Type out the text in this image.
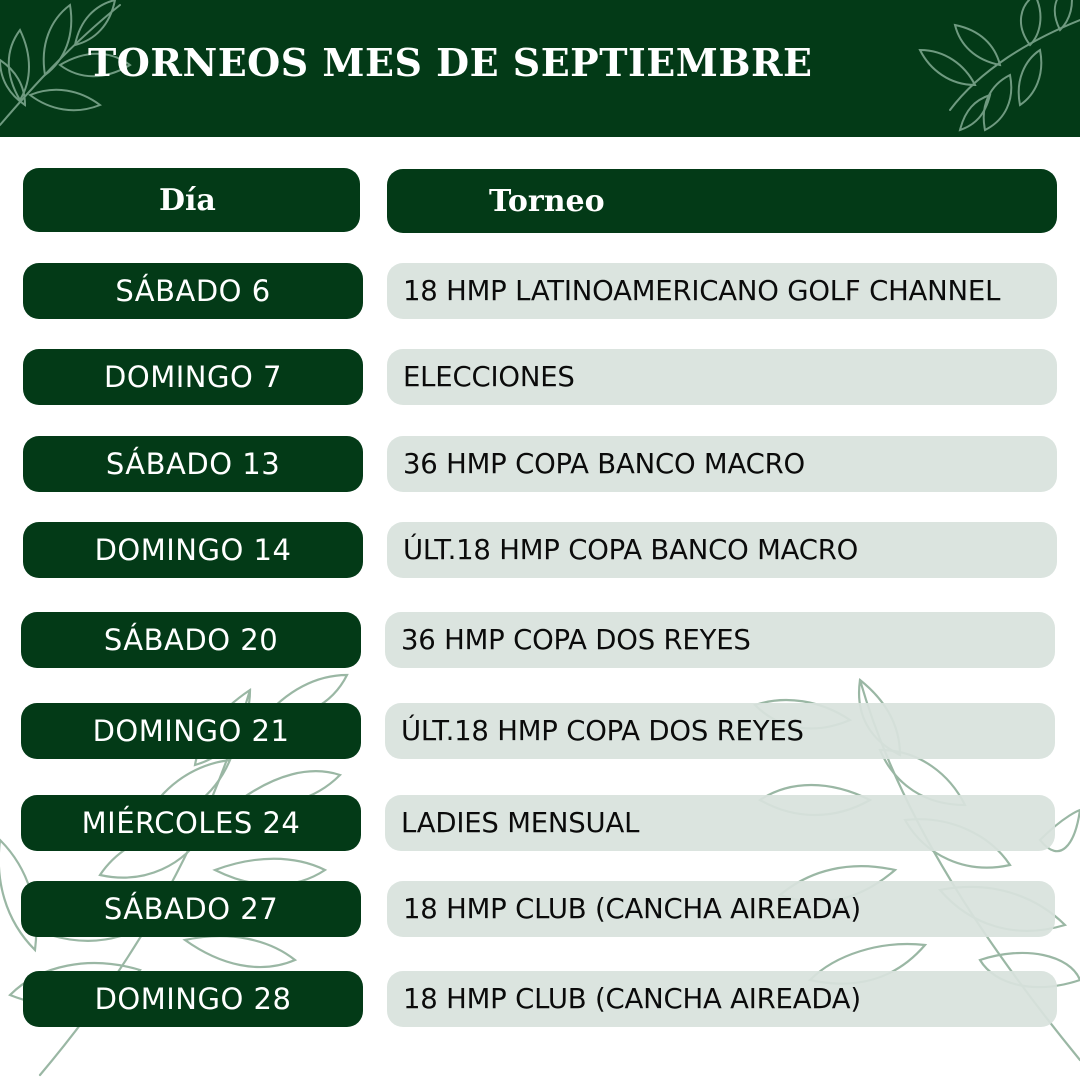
TORNEOS MES DE SEPTIEMBRE
Día	Torneo
SÁBADO 6	18 HMP LATINOAMERICANO GOLF CHANNEL
DOMINGO 7	ELECCIONES
SÁBADO 13	36 HMP COPA BANCO MACRO
DOMINGO 14	ÚLT.18 HMP COPA BANCO MACRO
SÁBADO 20	36 HMP COPA DOS REYES
DOMINGO 21	ÚLT.18 HMP COPA DOS REYES
MIÉRCOLES 24	LADIES MENSUAL
SÁBADO 27	18 HMP CLUB (CANCHA AIREADA)
DOMINGO 28	18 HMP CLUB (CANCHA AIREADA)
